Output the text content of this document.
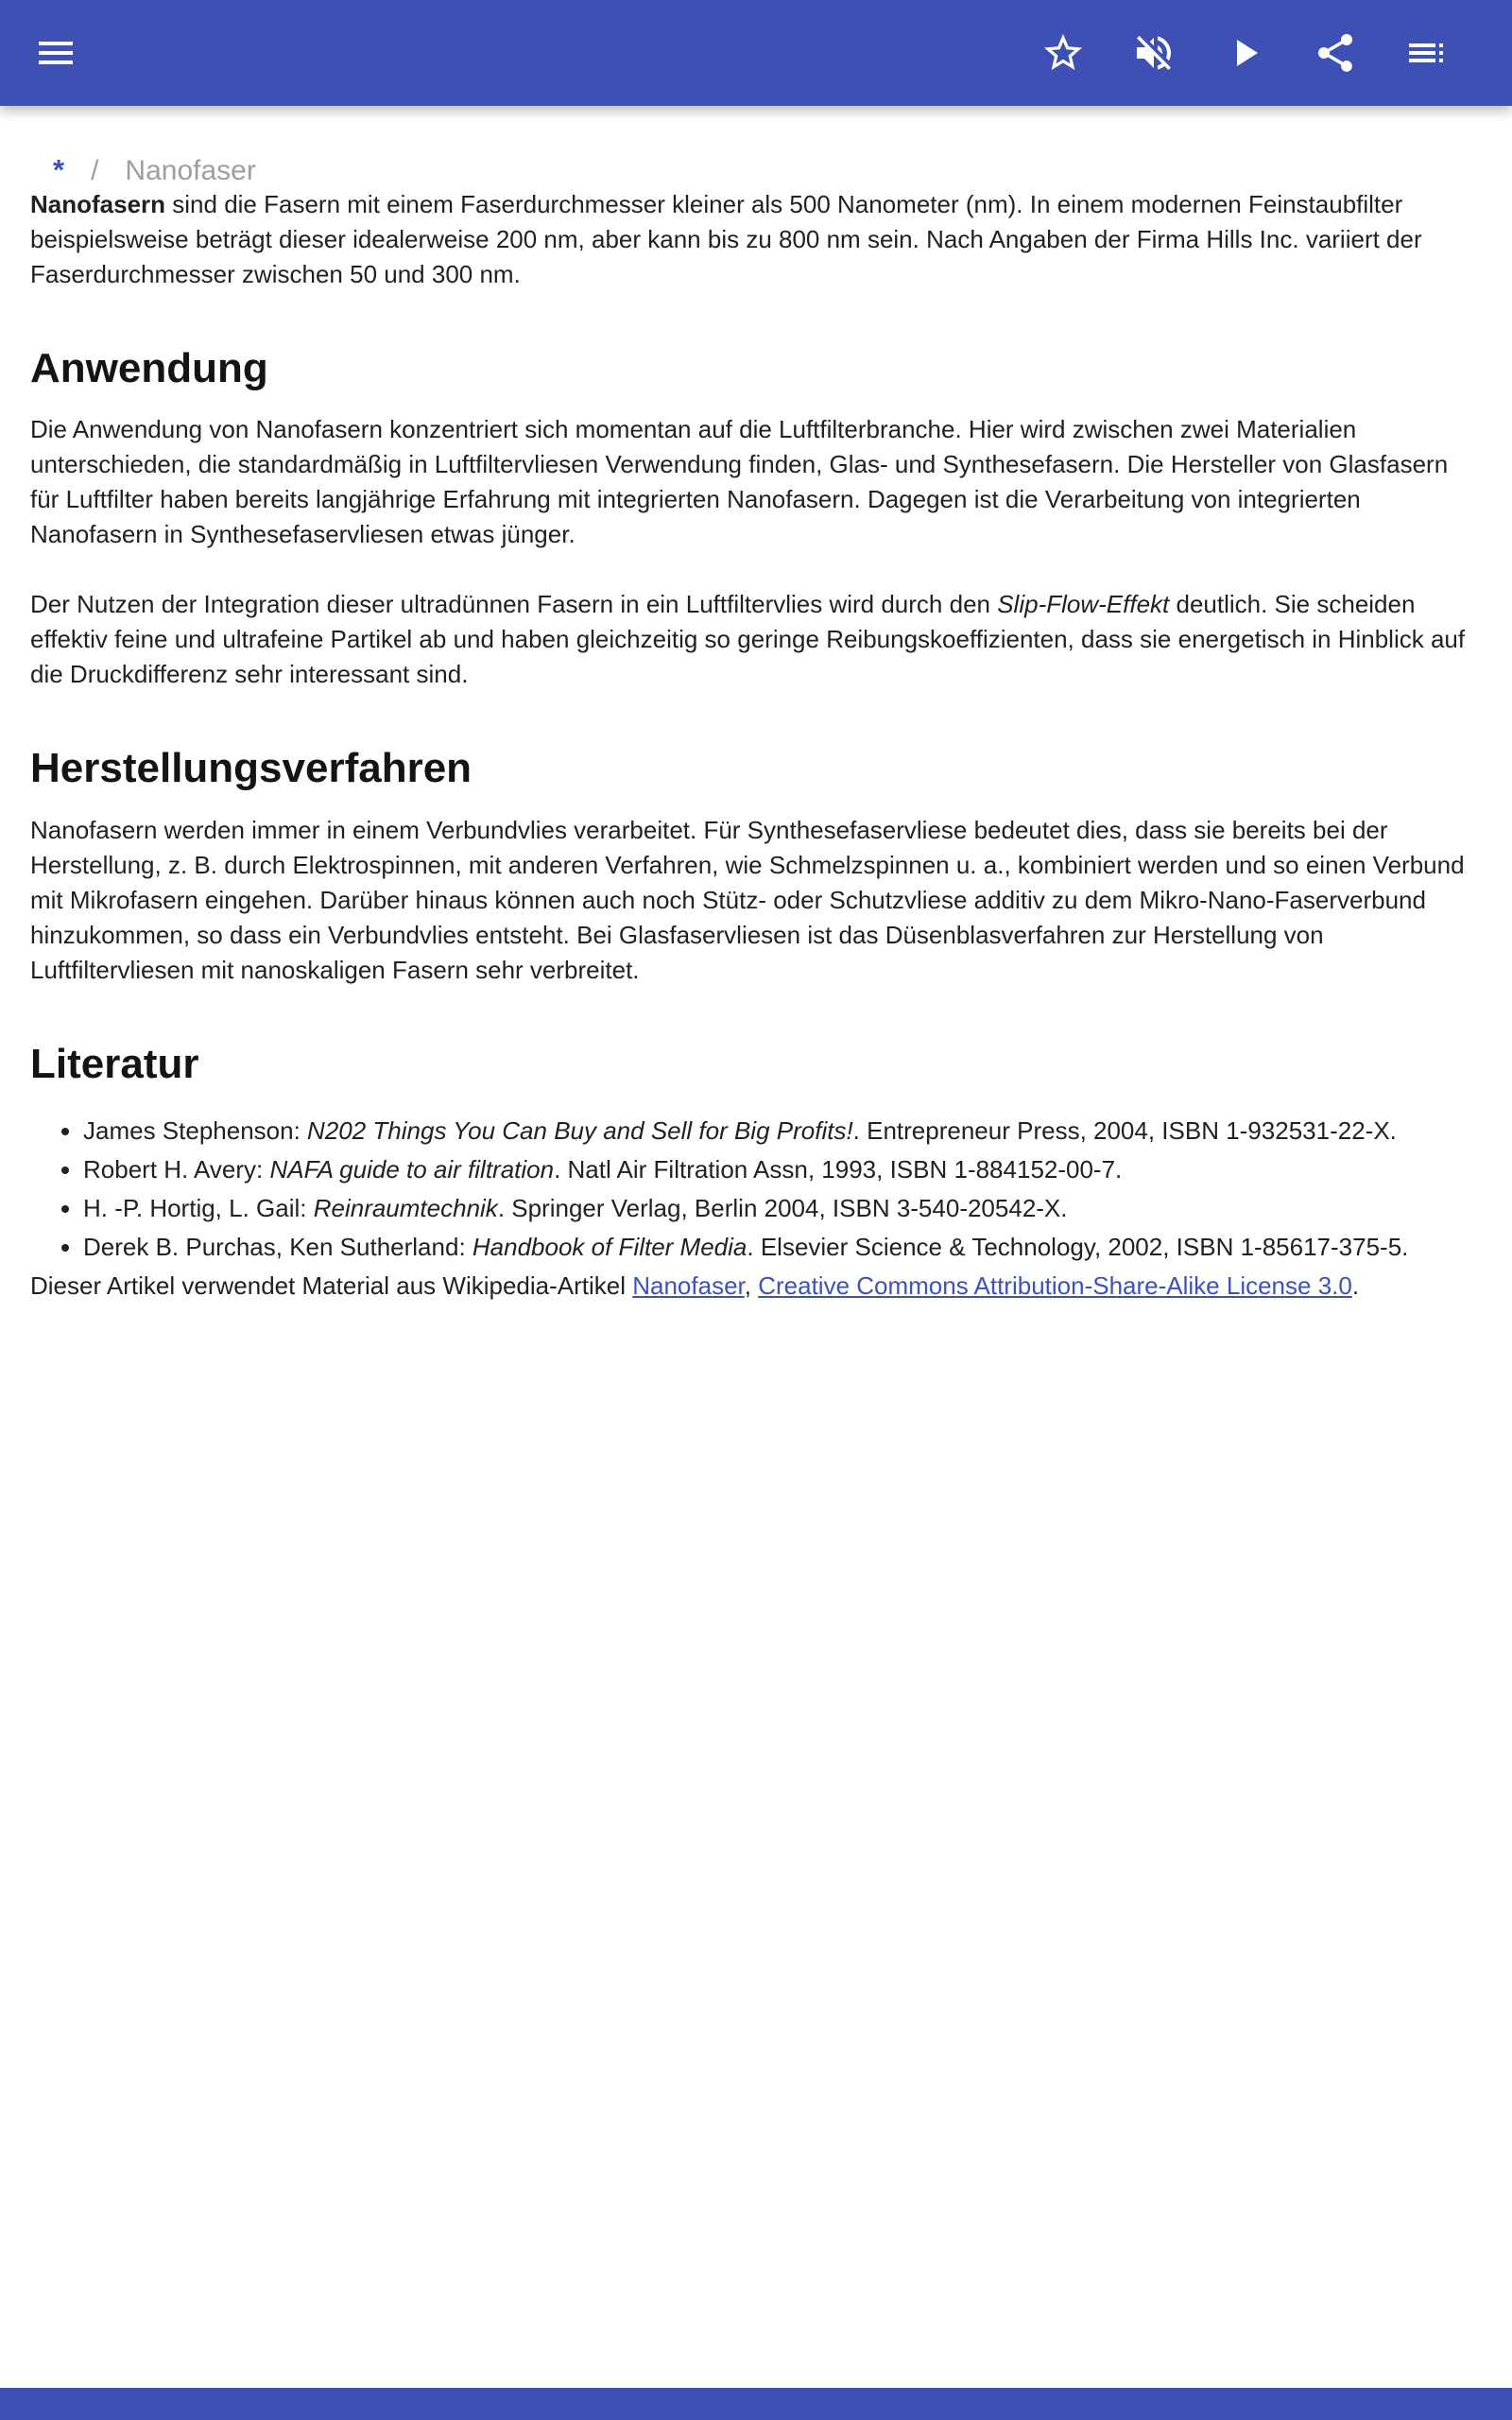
* / Nanofaser

Nanofasern sind die Fasern mit einem Faserdurchmesser kleiner als 500 Nanometer (nm). In einem modernen Feinstaubfilter beispielsweise beträgt dieser idealerweise 200 nm, aber kann bis zu 800 nm sein. Nach Angaben der Firma Hills Inc. variiert der Faserdurchmesser zwischen 50 und 300 nm.

Anwendung

Die Anwendung von Nanofasern konzentriert sich momentan auf die Luftfilterbranche. Hier wird zwischen zwei Materialien unterschieden, die standardmäßig in Luftfiltervliesen Verwendung finden, Glas- und Synthesefasern. Die Hersteller von Glasfasern für Luftfilter haben bereits langjährige Erfahrung mit integrierten Nanofasern. Dagegen ist die Verarbeitung von integrierten Nanofasern in Synthesefaservliesen etwas jünger.

Der Nutzen der Integration dieser ultradünnen Fasern in ein Luftfiltervlies wird durch den Slip-Flow-Effekt deutlich. Sie scheiden effektiv feine und ultrafeine Partikel ab und haben gleichzeitig so geringe Reibungskoeffizienten, dass sie energetisch in Hinblick auf die Druckdifferenz sehr interessant sind.

Herstellungsverfahren

Nanofasern werden immer in einem Verbundvlies verarbeitet. Für Synthesefaservliese bedeutet dies, dass sie bereits bei der Herstellung, z. B. durch Elektrospinnen, mit anderen Verfahren, wie Schmelzspinnen u. a., kombiniert werden und so einen Verbund mit Mikrofasern eingehen. Darüber hinaus können auch noch Stütz- oder Schutzvliese additiv zu dem Mikro-Nano-Faserverbund hinzukommen, so dass ein Verbundvlies entsteht. Bei Glasfaservliesen ist das Düsenblasverfahren zur Herstellung von Luftfiltervliesen mit nanoskaligen Fasern sehr verbreitet.

Literatur
• James Stephenson: N202 Things You Can Buy and Sell for Big Profits!. Entrepreneur Press, 2004, ISBN 1-932531-22-X.
• Robert H. Avery: NAFA guide to air filtration. Natl Air Filtration Assn, 1993, ISBN 1-884152-00-7.
• H. -P. Hortig, L. Gail: Reinraumtechnik. Springer Verlag, Berlin 2004, ISBN 3-540-20542-X.
• Derek B. Purchas, Ken Sutherland: Handbook of Filter Media. Elsevier Science & Technology, 2002, ISBN 1-85617-375-5.

Dieser Artikel verwendet Material aus Wikipedia-Artikel Nanofaser, Creative Commons Attribution-Share-Alike License 3.0.
